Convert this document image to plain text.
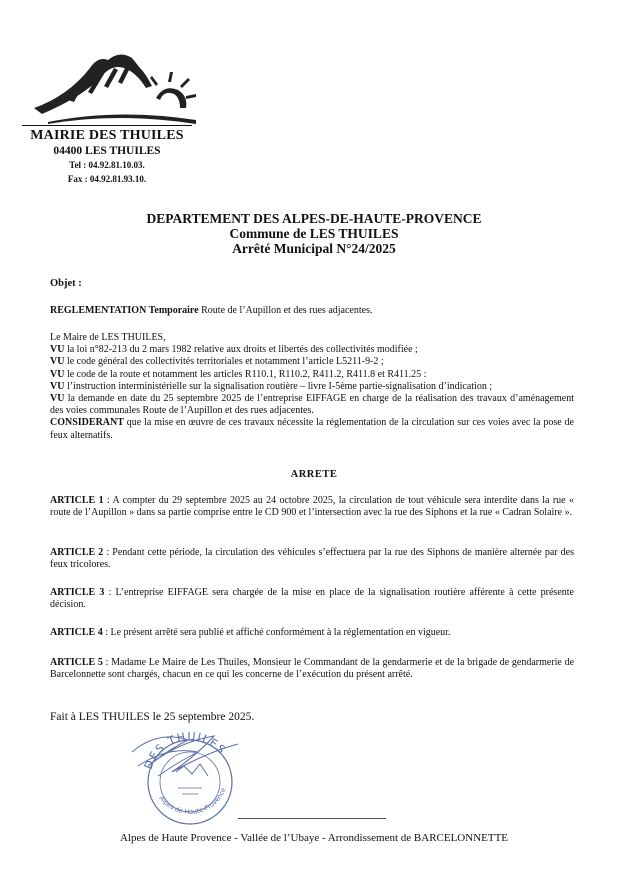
MAIRIE DES THUILES
04400 LES THUILES
Tel : 04.92.81.10.03.
Fax : 04.92.81.93.10.
DEPARTEMENT DES ALPES-DE-HAUTE-PROVENCE
Commune de LES THUILES
Arrêté Municipal N°24/2025
Objet :
REGLEMENTATION Temporaire Route de l’Aupillon et des rues adjacentes.

Le Maire de LES THUILES,

VU la loi n°82-213 du 2 mars 1982 relative aux droits et libertés des collectivités modifiée ;

VU le code général des collectivités territoriales et notamment l’article L5211-9-2 ;

VU le code de la route et notamment les articles R110.1, R110.2, R411.2, R411.8 et R411.25 :

VU l’instruction interministérielle sur la signalisation routière – livre I-5ème partie-signalisation d’indication ;

VU la demande en date du 25 septembre 2025 de l’entreprise EIFFAGE en charge de la réalisation des travaux d’aménagement des voies communales Route de l’Aupillon et des rues adjacentes.

CONSIDERANT que la mise en œuvre de ces travaux nécessite la réglementation de la circulation sur ces voies avec la pose de feux alternatifs.

ARRETE

ARTICLE 1 : A compter du 29 septembre 2025 au 24 octobre 2025, la circulation de tout véhicule sera interdite dans la rue « route de l’Aupillon » dans sa partie comprise entre le CD 900 et l’intersection avec la rue des Siphons et la rue « Cadran Solaire ».

ARTICLE 2 : Pendant cette période, la circulation des véhicules s’effectuera par la rue des Siphons de manière alternée par des feux tricolores.

ARTICLE 3 : L’entreprise EIFFAGE sera chargée de la mise en place de la signalisation routière afférente à cette présente décision.

ARTICLE 4 : Le présent arrêté sera publié et affiché conformément à la réglementation en vigueur.

ARTICLE 5 : Madame Le Maire de Les Thuiles, Monsieur le Commandant de la gendarmerie et de la brigade de gendarmerie de Barcelonnette sont chargés, chacun en ce qui les concerne de l’exécution du présent arrêté.

Fait à LES THUILES le 25 septembre 2025.
DES THUILES
Alpes de Haute-Provence
Alpes de Haute Provence - Vallée de l’Ubaye - Arrondissement de BARCELONNETTE
